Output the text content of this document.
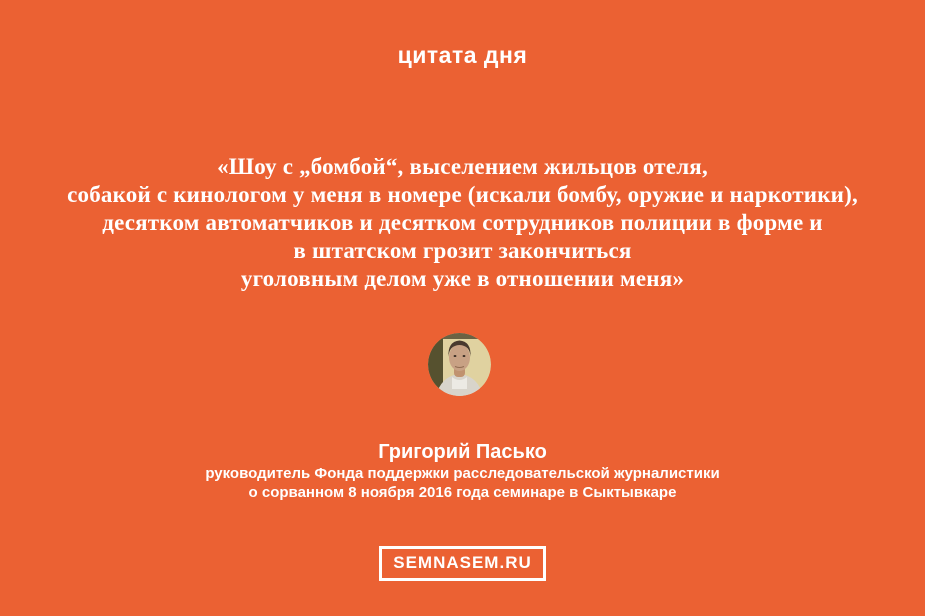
цитата дня
«Шоу с „бомбой“, выселением жильцов отеля,
собакой с кинологом у меня в номере (искали бомбу, оружие и наркотики),
десятком автоматчиков и десятком сотрудников полиции в форме и
в штатском грозит закончиться
уголовным делом уже в отношении меня»
Григорий Пасько
руководитель Фонда поддержки расследовательской журналистики
о сорванном 8 ноября 2016 года семинаре в Сыктывкаре
SEMNASEM.RU
